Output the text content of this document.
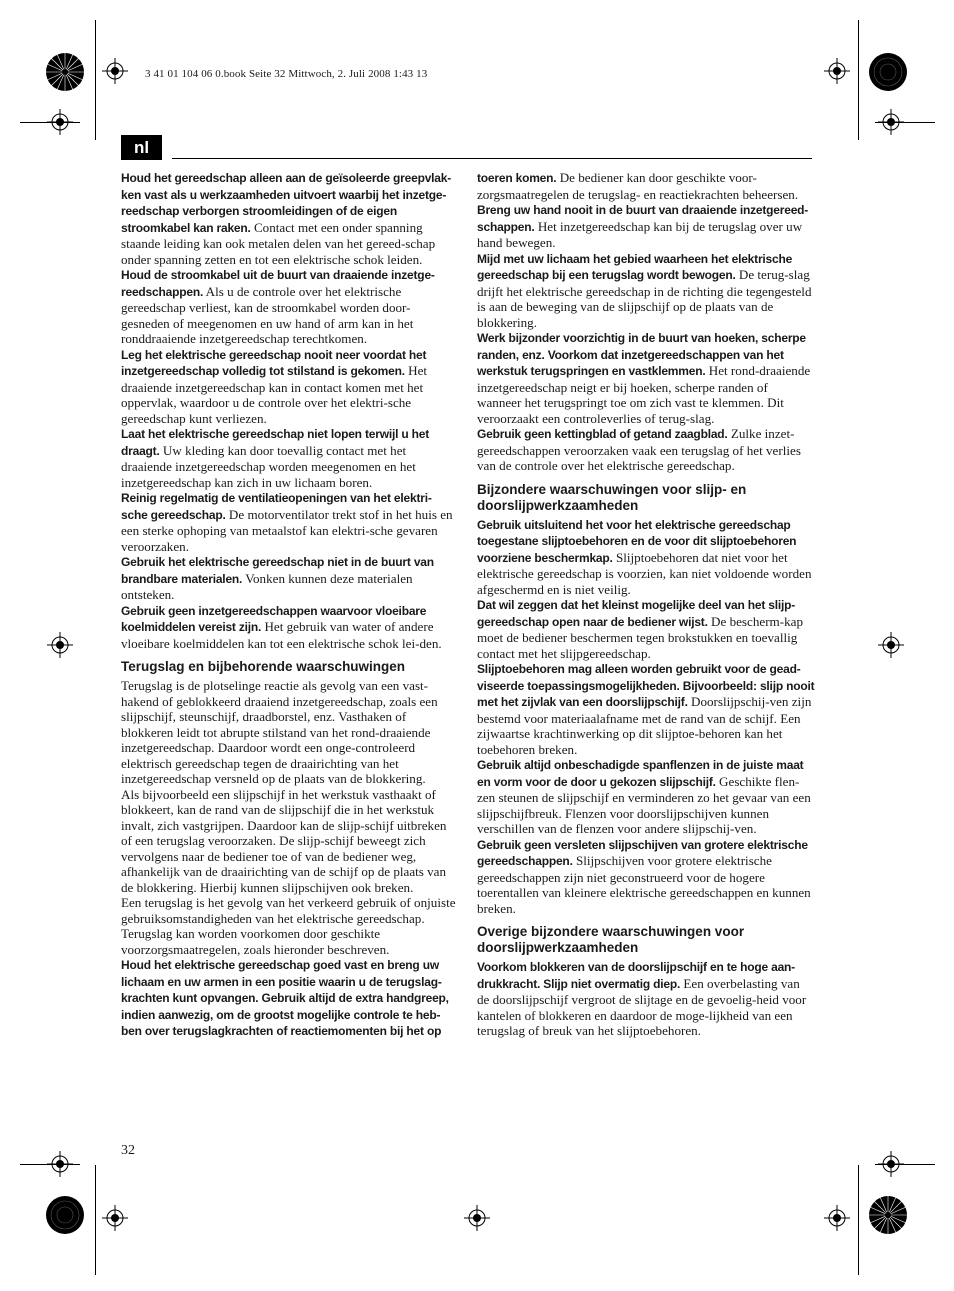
3 41 01 104 06 0.book Seite 32 Mittwoch, 2. Juli 2008 1:43 13
nl

Houd het gereedschap alleen aan de geïsoleerde greepvlak-ken vast als u werkzaamheden uitvoert waarbij het inzetge-reedschap verborgen stroomleidingen of de eigen stroomkabel kan raken. Contact met een onder spanning staande leiding kan ook metalen delen van het gereed-schap onder spanning zetten en tot een elektrische schok leiden.

Houd de stroomkabel uit de buurt van draaiende inzetge-reedschappen. Als u de controle over het elektrische gereedschap verliest, kan de stroomkabel worden door-gesneden of meegenomen en uw hand of arm kan in het ronddraaiende inzetgereedschap terechtkomen.

Leg het elektrische gereedschap nooit neer voordat het inzetgereedschap volledig tot stilstand is gekomen. Het draaiende inzetgereedschap kan in contact komen met het oppervlak, waardoor u de controle over het elektri-sche gereedschap kunt verliezen.

Laat het elektrische gereedschap niet lopen terwijl u het draagt. Uw kleding kan door toevallig contact met het draaiende inzetgereedschap worden meegenomen en het inzetgereedschap kan zich in uw lichaam boren.

Reinig regelmatig de ventilatieopeningen van het elektri-sche gereedschap. De motorventilator trekt stof in het huis en een sterke ophoping van metaalstof kan elektri-sche gevaren veroorzaken.

Gebruik het elektrische gereedschap niet in de buurt van brandbare materialen. Vonken kunnen deze materialen ontsteken.

Gebruik geen inzetgereedschappen waarvoor vloeibare koelmiddelen vereist zijn. Het gebruik van water of andere vloeibare koelmiddelen kan tot een elektrische schok lei-den.

Terugslag en bijbehorende waarschuwingen

Terugslag is de plotselinge reactie als gevolg van een vast-hakend of geblokkeerd draaiend inzetgereedschap, zoals een slijpschijf, steunschijf, draadborstel, enz. Vasthaken of blokkeren leidt tot abrupte stilstand van het rond-draaiende inzetgereedschap. Daardoor wordt een onge-controleerd elektrisch gereedschap tegen de draairichting van het inzetgereedschap versneld op de plaats van de blokkering.

Als bijvoorbeeld een slijpschijf in het werkstuk vasthaakt of blokkeert, kan de rand van de slijpschijf die in het werkstuk invalt, zich vastgrijpen. Daardoor kan de slijp-schijf uitbreken of een terugslag veroorzaken. De slijp-schijf beweegt zich vervolgens naar de bediener toe of van de bediener weg, afhankelijk van de draairichting van de schijf op de plaats van de blokkering. Hierbij kunnen slijpschijven ook breken.

Een terugslag is het gevolg van het verkeerd gebruik of onjuiste gebruiksomstandigheden van het elektrische gereedschap. Terugslag kan worden voorkomen door geschikte voorzorgsmaatregelen, zoals hieronder beschreven.

Houd het elektrische gereedschap goed vast en breng uw lichaam en uw armen in een positie waarin u de terugslag-krachten kunt opvangen. Gebruik altijd de extra handgreep, indien aanwezig, om de grootst mogelijke controle te heb-ben over terugslagkrachten of reactiemomenten bij het op

toeren komen. De bediener kan door geschikte voor-zorgsmaatregelen de terugslag- en reactiekrachten beheersen.

Breng uw hand nooit in de buurt van draaiende inzetgereed-schappen. Het inzetgereedschap kan bij de terugslag over uw hand bewegen.

Mijd met uw lichaam het gebied waarheen het elektrische gereedschap bij een terugslag wordt bewogen. De terug-slag drijft het elektrische gereedschap in de richting die tegengesteld is aan de beweging van de slijpschijf op de plaats van de blokkering.

Werk bijzonder voorzichtig in de buurt van hoeken, scherpe randen, enz. Voorkom dat inzetgereedschappen van het werkstuk terugspringen en vastklemmen. Het rond-draaiende inzetgereedschap neigt er bij hoeken, scherpe randen of wanneer het terugspringt toe om zich vast te klemmen. Dit veroorzaakt een controleverlies of terug-slag.

Gebruik geen kettingblad of getand zaagblad. Zulke inzet-gereedschappen veroorzaken vaak een terugslag of het verlies van de controle over het elektrische gereedschap.

Bijzondere waarschuwingen voor slijp- en doorslijpwerkzaamheden

Gebruik uitsluitend het voor het elektrische gereedschap toegestane slijptoebehoren en de voor dit slijptoebehoren voorziene beschermkap. Slijptoebehoren dat niet voor het elektrische gereedschap is voorzien, kan niet voldoende worden afgeschermd en is niet veilig.

Dat wil zeggen dat het kleinst mogelijke deel van het slijp-gereedschap open naar de bediener wijst. De bescherm-kap moet de bediener beschermen tegen brokstukken en toevallig contact met het slijpgereedschap.

Slijptoebehoren mag alleen worden gebruikt voor de gead-viseerde toepassingsmogelijkheden. Bijvoorbeeld: slijp nooit met het zijvlak van een doorslijpschijf. Doorslijpschij-ven zijn bestemd voor materiaalafname met de rand van de schijf. Een zijwaartse krachtinwerking op dit slijptoe-behoren kan het toebehoren breken.

Gebruik altijd onbeschadigde spanflenzen in de juiste maat en vorm voor de door u gekozen slijpschijf. Geschikte flen-zen steunen de slijpschijf en verminderen zo het gevaar van een slijpschijfbreuk. Flenzen voor doorslijpschijven kunnen verschillen van de flenzen voor andere slijpschij-ven.

Gebruik geen versleten slijpschijven van grotere elektrische gereedschappen. Slijpschijven voor grotere elektrische gereedschappen zijn niet geconstrueerd voor de hogere toerentallen van kleinere elektrische gereedschappen en kunnen breken.

Overige bijzondere waarschuwingen voor doorslijpwerkzaamheden

Voorkom blokkeren van de doorslijpschijf en te hoge aan-drukkracht. Slijp niet overmatig diep. Een overbelasting van de doorslijpschijf vergroot de slijtage en de gevoelig-heid voor kantelen of blokkeren en daardoor de moge-lijkheid van een terugslag of breuk van het slijptoebehoren.

32
